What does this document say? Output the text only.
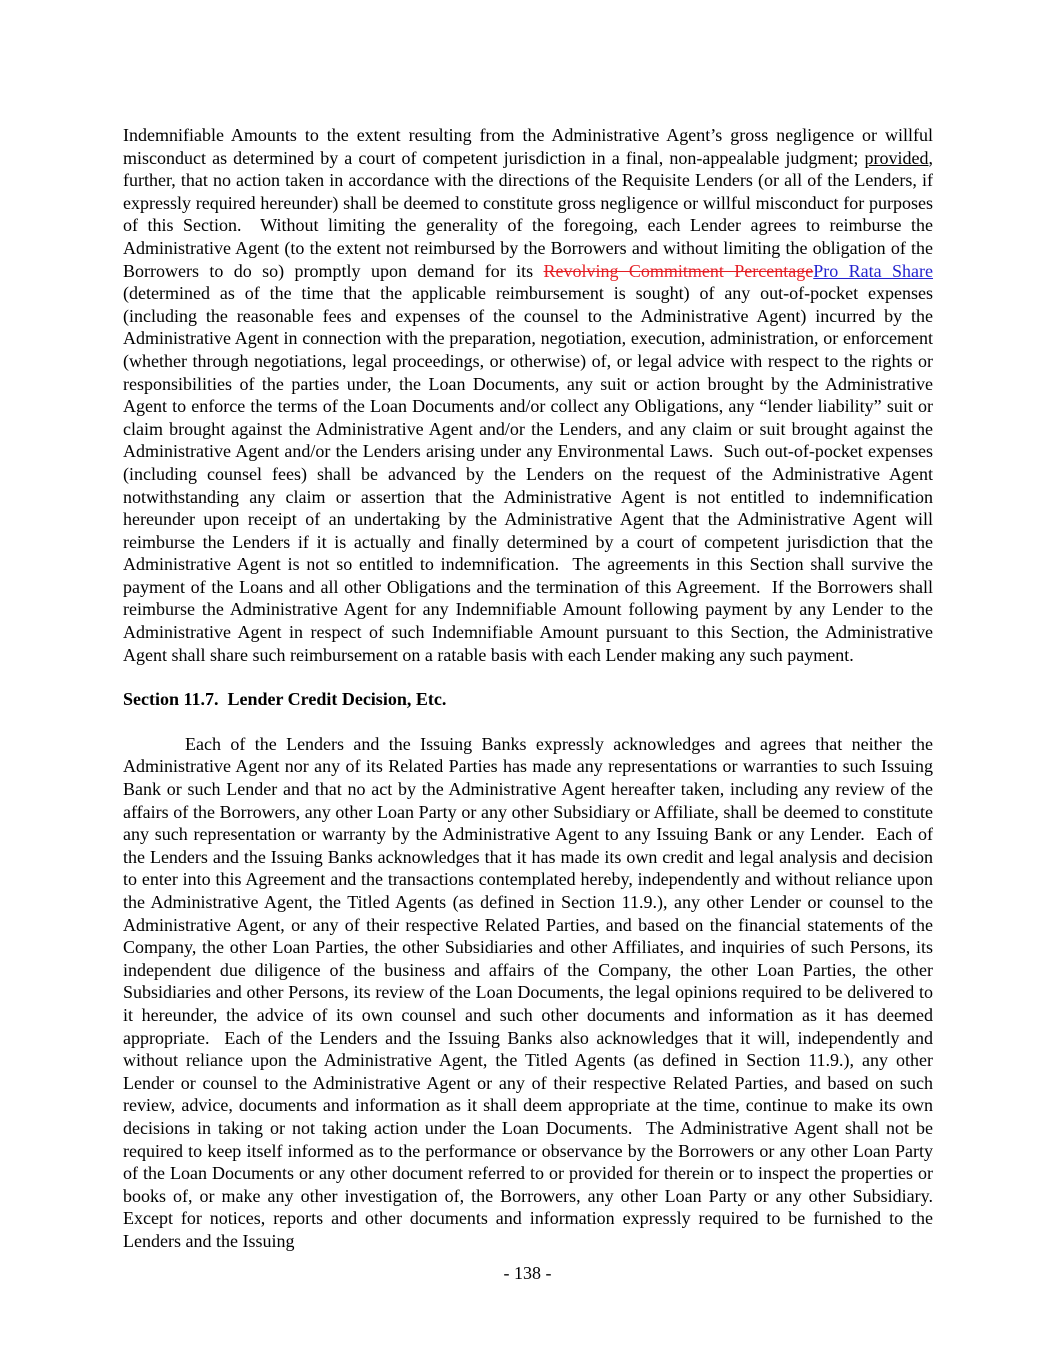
Indemnifiable Amounts to the extent resulting from the Administrative Agent’s gross negligence or willful misconduct as determined by a court of competent jurisdiction in a final, non-appealable judgment; provided, further, that no action taken in accordance with the directions of the Requisite Lenders (or all of the Lenders, if expressly required hereunder) shall be deemed to constitute gross negligence or willful misconduct for purposes of this Section.  Without limiting the generality of the foregoing, each Lender agrees to reimburse the Administrative Agent (to the extent not reimbursed by the Borrowers and without limiting the obligation of the Borrowers to do so) promptly upon demand for its Revolving Commitment PercentagePro Rata Share (determined as of the time that the applicable reimbursement is sought) of any out-of-pocket expenses (including the reasonable fees and expenses of the counsel to the Administrative Agent) incurred by the Administrative Agent in connection with the preparation, negotiation, execution, administration, or enforcement (whether through negotiations, legal proceedings, or otherwise) of, or legal advice with respect to the rights or responsibilities of the parties under, the Loan Documents, any suit or action brought by the Administrative Agent to enforce the terms of the Loan Documents and/or collect any Obligations, any “lender liability” suit or claim brought against the Administrative Agent and/or the Lenders, and any claim or suit brought against the Administrative Agent and/or the Lenders arising under any Environmental Laws.  Such out-of-pocket expenses (including counsel fees) shall be advanced by the Lenders on the request of the Administrative Agent notwithstanding any claim or assertion that the Administrative Agent is not entitled to indemnification hereunder upon receipt of an undertaking by the Administrative Agent that the Administrative Agent will reimburse the Lenders if it is actually and finally determined by a court of competent jurisdiction that the Administrative Agent is not so entitled to indemnification.  The agreements in this Section shall survive the payment of the Loans and all other Obligations and the termination of this Agreement.  If the Borrowers shall reimburse the Administrative Agent for any Indemnifiable Amount following payment by any Lender to the Administrative Agent in respect of such Indemnifiable Amount pursuant to this Section, the Administrative Agent shall share such reimbursement on a ratable basis with each Lender making any such payment.

Section 11.7.  Lender Credit Decision, Etc.

Each of the Lenders and the Issuing Banks expressly acknowledges and agrees that neither the Administrative Agent nor any of its Related Parties has made any representations or warranties to such Issuing Bank or such Lender and that no act by the Administrative Agent hereafter taken, including any review of the affairs of the Borrowers, any other Loan Party or any other Subsidiary or Affiliate, shall be deemed to constitute any such representation or warranty by the Administrative Agent to any Issuing Bank or any Lender.  Each of the Lenders and the Issuing Banks acknowledges that it has made its own credit and legal analysis and decision to enter into this Agreement and the transactions contemplated hereby, independently and without reliance upon the Administrative Agent, the Titled Agents (as defined in Section 11.9.), any other Lender or counsel to the Administrative Agent, or any of their respective Related Parties, and based on the financial statements of the Company, the other Loan Parties, the other Subsidiaries and other Affiliates, and inquiries of such Persons, its independent due diligence of the business and affairs of the Company, the other Loan Parties, the other Subsidiaries and other Persons, its review of the Loan Documents, the legal opinions required to be delivered to it hereunder, the advice of its own counsel and such other documents and information as it has deemed appropriate.  Each of the Lenders and the Issuing Banks also acknowledges that it will, independently and without reliance upon the Administrative Agent, the Titled Agents (as defined in Section 11.9.), any other Lender or counsel to the Administrative Agent or any of their respective Related Parties, and based on such review, advice, documents and information as it shall deem appropriate at the time, continue to make its own decisions in taking or not taking action under the Loan Documents.  The Administrative Agent shall not be required to keep itself informed as to the performance or observance by the Borrowers or any other Loan Party of the Loan Documents or any other document referred to or provided for therein or to inspect the properties or books of, or make any other investigation of, the Borrowers, any other Loan Party or any other Subsidiary.  Except for notices, reports and other documents and information expressly required to be furnished to the Lenders and the Issuing

- 138 -
